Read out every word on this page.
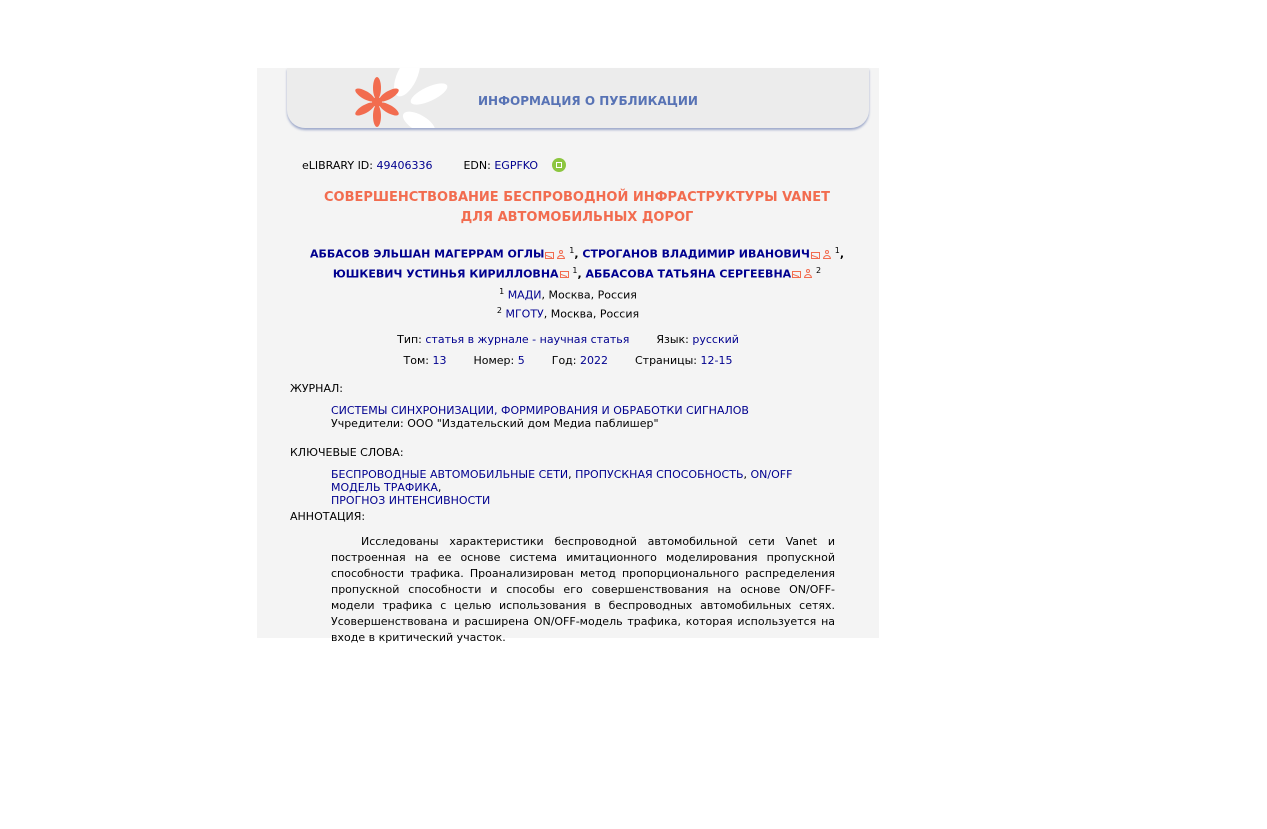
ИНФОРМАЦИЯ О ПУБЛИКАЦИИ
eLIBRARY ID: 49406336	EDN: EGPFKO
СОВЕРШЕНСТВОВАНИЕ БЕСПРОВОДНОЙ ИНФРАСТРУКТУРЫ VANET ДЛЯ АВТОМОБИЛЬНЫХ ДОРОГ
АББАСОВ ЭЛЬШАН МАГЕРРАМ ОГЛЫ	$^1$, СТРОГАНОВ ВЛАДИМИР ИВАНОВИЧ	$^1$,
ЮШКЕВИЧ УСТИНЬЯ КИРИЛЛОВНА $^1$, АББАСОВА ТАТЬЯНА СЕРГЕЕВНА	$^2$
$^1$ МАДИ, Москва, Россия
$^2$ МГОТУ, Москва, Россия
Тип: статья в журнале - научная статья Язык: русский
Том: 13 Номер: 5 Год: 2022 Страницы: 12-15
ЖУРНАЛ:
СИСТЕМЫ СИНХРОНИЗАЦИИ, ФОРМИРОВАНИЯ И ОБРАБОТКИ СИГНАЛОВ
Учредители: ООО "Издательский дом Медиа паблишер"
КЛЮЧЕВЫЕ СЛОВА:
БЕСПРОВОДНЫЕ АВТОМОБИЛЬНЫЕ СЕТИ, ПРОПУСКНАЯ СПОСОБНОСТЬ, ON/OFF МОДЕЛЬ ТРАФИКА,
ПРОГНОЗ ИНТЕНСИВНОСТИ
АННОТАЦИЯ:
Исследованы характеристики беспроводной автомобильной сети Vanet и построенная на ее основе система имитационного моделирования пропускной способности трафика. Проанализирован метод пропорционального распределения пропускной способности и способы его совершенствования на основе ON/OFF-модели трафика с целью использования в беспроводных автомобильных сетях. Усовершенствована и расширена ON/OFF-модель трафика, которая используется на входе в критический участок.
